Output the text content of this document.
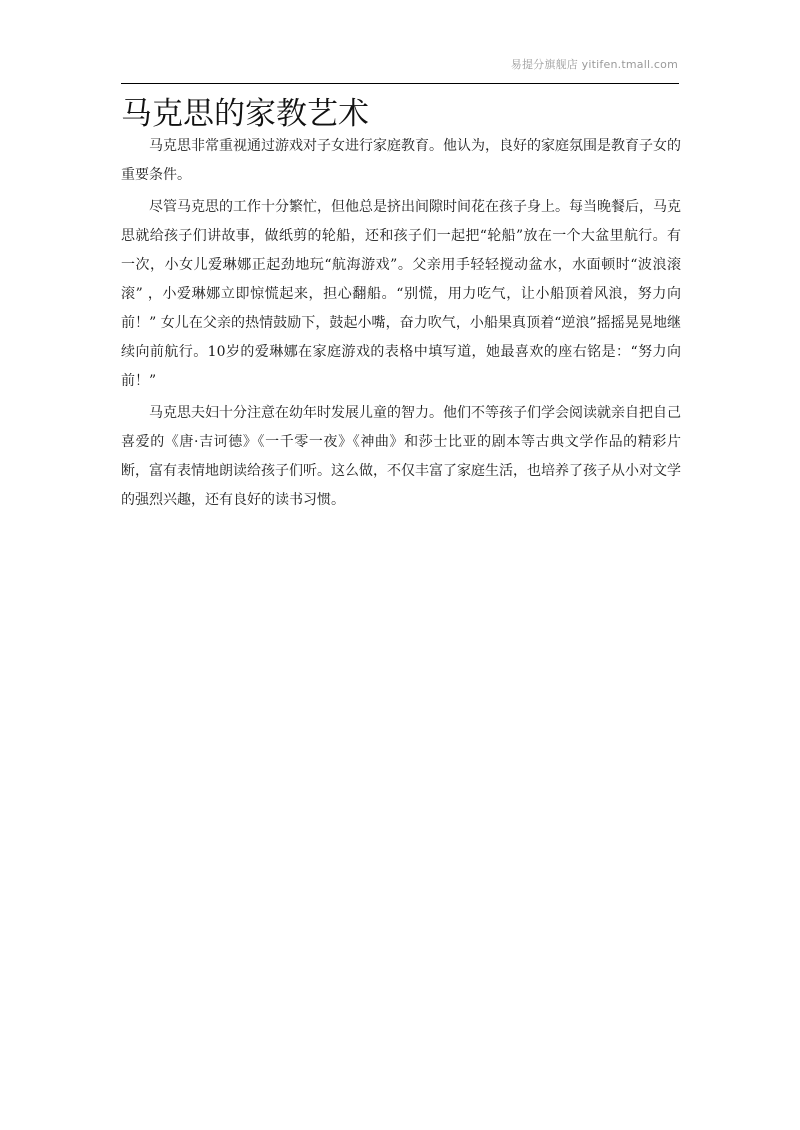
易提分旗舰店 yitifen.tmall.com
马克思的家教艺术

马克思非常重视通过游戏对子女进行家庭教育。他认为，良好的家庭氛围是教育子女的重要条件。

尽管马克思的工作十分繁忙，但他总是挤出间隙时间花在孩子身上。每当晚餐后，马克思就给孩子们讲故事，做纸剪的轮船，还和孩子们一起把“轮船”放在一个大盆里航行。有一次，小女儿爱琳娜正起劲地玩“航海游戏”。父亲用手轻轻搅动盆水，水面顿时“波浪滚滚” ，小爱琳娜立即惊慌起来，担心翻船。“别慌，用力吃气，让小船顶着风浪，努力向前！” 女儿在父亲的热情鼓励下，鼓起小嘴，奋力吹气，小船果真顶着“逆浪”摇摇晃晃地继续向前航行。10岁的爱琳娜在家庭游戏的表格中填写道，她最喜欢的座右铭是：“努力向前！”

马克思夫妇十分注意在幼年时发展儿童的智力。他们不等孩子们学会阅读就亲自把自己喜爱的《唐·吉诃德》《一千零一夜》《神曲》和莎士比亚的剧本等古典文学作品的精彩片断，富有表情地朗读给孩子们听。这么做，不仅丰富了家庭生活，也培养了孩子从小对文学的强烈兴趣，还有良好的读书习惯。
